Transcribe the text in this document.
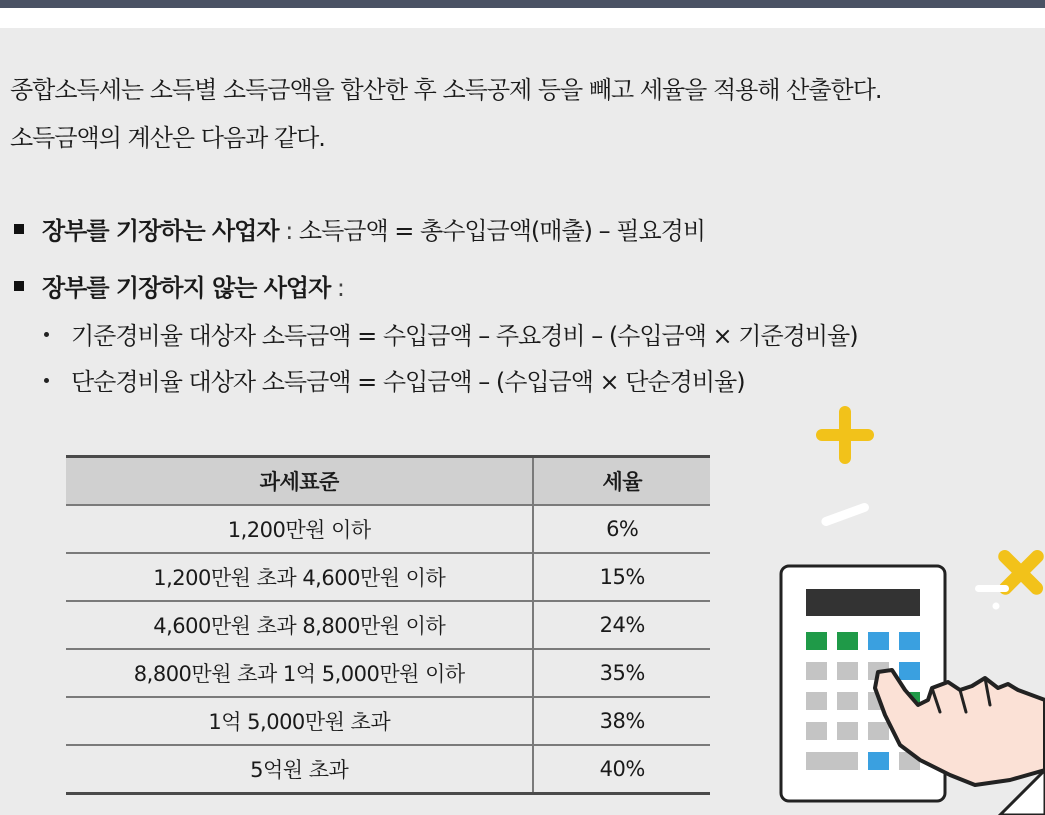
종합소득세는 소득별 소득금액을 합산한 후 소득공제 등을 빼고 세율을 적용해 산출한다.

소득금액의 계산은 다음과 같다.

장부를 기장하는 사업자 : 소득금액 = 총수입금액(매출) – 필요경비
장부를 기장하지 않는 사업자 :
기준경비율 대상자 소득금액 = 수입금액 – 주요경비 – (수입금액 × 기준경비율)
단순경비율 대상자 소득금액 = 수입금액 – (수입금액 × 단순경비율)
과세표준	세율
1,200만원 이하	6%
1,200만원 초과 4,600만원 이하	15%
4,600만원 초과 8,800만원 이하	24%
8,800만원 초과 1억 5,000만원 이하	35%
1억 5,000만원 초과	38%
5억원 초과	40%
